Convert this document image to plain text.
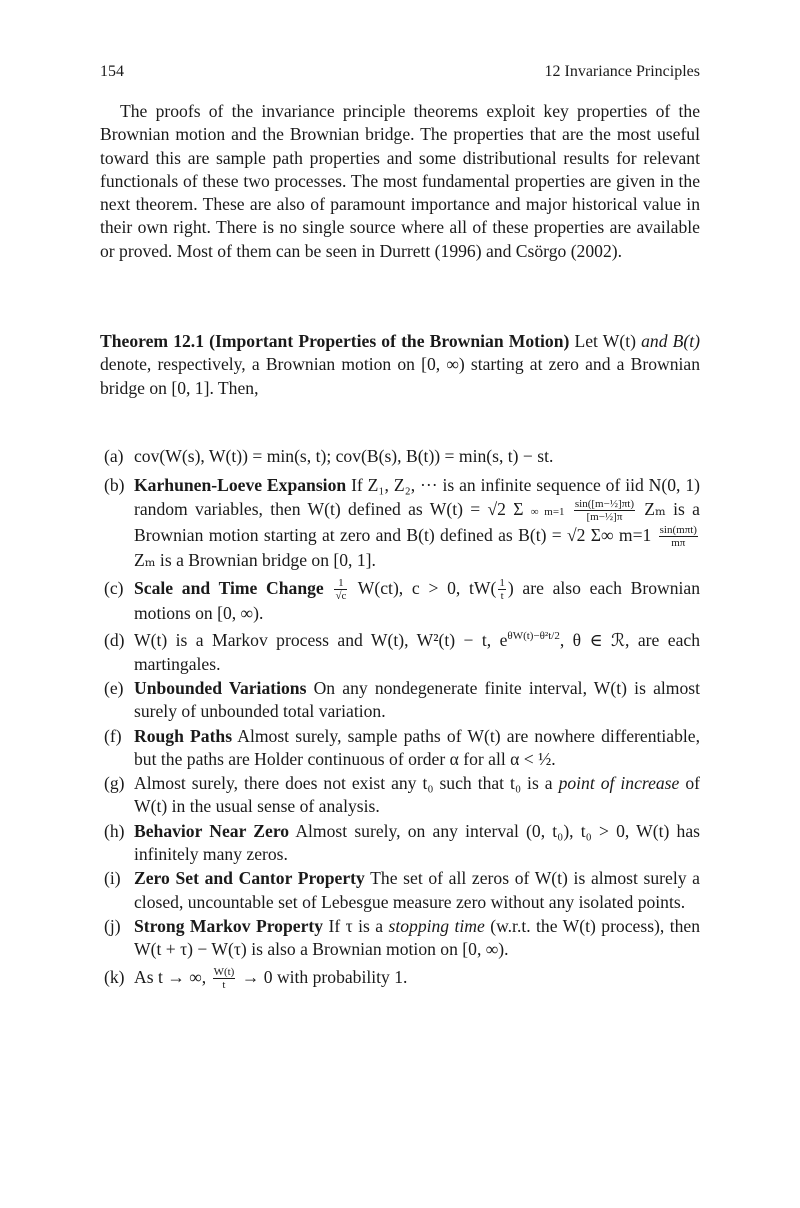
154	12 Invariance Principles

The proofs of the invariance principle theorems exploit key properties of the Brownian motion and the Brownian bridge. The properties that are the most useful toward this are sample path properties and some distributional results for relevant functionals of these two processes. The most fundamental properties are given in the next theorem. These are also of paramount importance and major historical value in their own right. There is no single source where all of these properties are available or proved. Most of them can be seen in Durrett (1996) and Csörgo (2002).

Theorem 12.1 (Important Properties of the Brownian Motion) Let W(t) and B(t) denote, respectively, a Brownian motion on [0, ∞) starting at zero and a Brownian bridge on [0, 1]. Then,

(a) cov(W(s), W(t)) = min(s, t); cov(B(s), B(t)) = min(s, t) − st.
(b) Karhunen-Loeve Expansion If Z₁, Z₂, ··· is an infinite sequence of iid N(0, 1) random variables, then W(t) defined as W(t) = √2 Σ ∞ $m=1 \frac{\text{sin([m−½]πt)}}{\text{[m−½]π}}$ Zₘ is a Brownian motion starting at zero and B(t) defined as B(t) = √2 Σ∞ $m=1 \frac{\text{sin(mπt)}}{m\pi}$
Zₘ is a Brownian bridge on [0, 1].
(c) Scale and Time Change $\frac{1}{√c} W(ct)$, c > 0, $tW( \frac{1}{t}$ ) are also each Brownian motions on [0, ∞).
(d) W(t) is a Markov process and W(t), W²(t) − t, $e^{\theta W(t)-\theta^2t/2}$, θ ∈ ℛ, are each martingales.
(e) Unbounded Variations On any nondegenerate finite interval, W(t) is almost surely of unbounded total variation.
(f) Rough Paths Almost surely, sample paths of W(t) are nowhere differentiable, but the paths are Holder continuous of order α for all α < ½.
(g) Almost surely, there does not exist any t₀ such that t₀ is a point of increase of W(t) in the usual sense of analysis.
(h) Behavior Near Zero Almost surely, on any interval (0, t₀), t₀ > 0, W(t) has infinitely many zeros.
(i) Zero Set and Cantor Property The set of all zeros of W(t) is almost surely a closed, uncountable set of Lebesgue measure zero without any isolated points.
(j) Strong Markov Property If τ is a stopping time (w.r.t. the W(t) process), then W(t + τ) − W(τ) is also a Brownian motion on [0, ∞).
(k) As t → ∞, $\frac{W(t)}{t} \to 0$ with probability 1.
